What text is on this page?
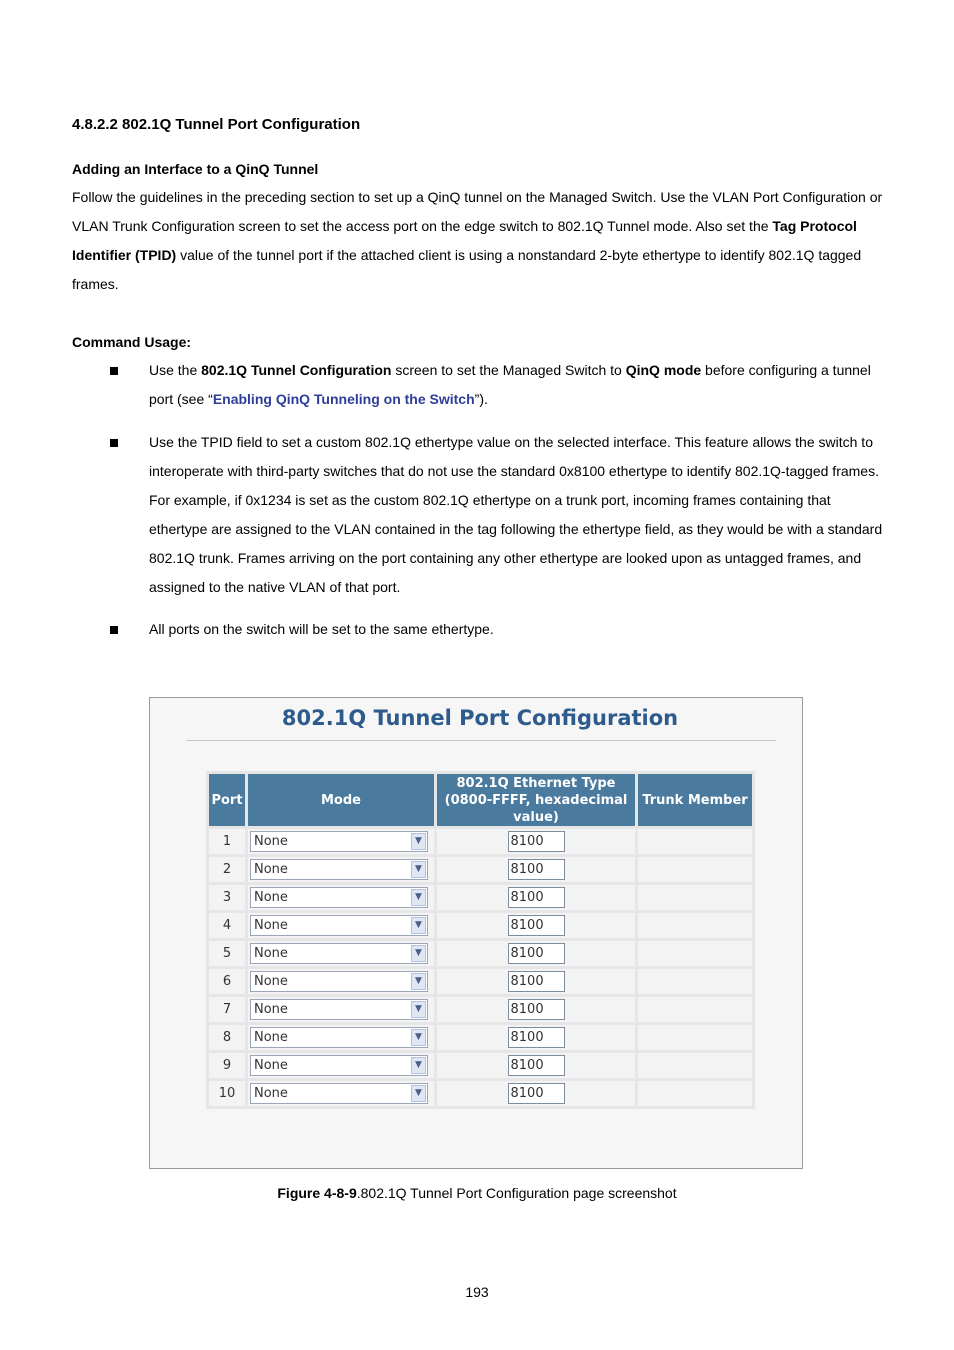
4.8.2.2 802.1Q Tunnel Port Configuration
Adding an Interface to a QinQ Tunnel
Follow the guidelines in the preceding section to set up a QinQ tunnel on the Managed Switch. Use the VLAN Port Configuration or VLAN Trunk Configuration screen to set the access port on the edge switch to 802.1Q Tunnel mode. Also set the Tag Protocol Identifier (TPID) value of the tunnel port if the attached client is using a nonstandard 2-byte ethertype to identify 802.1Q tagged frames.
Command Usage:
Use the 802.1Q Tunnel Configuration screen to set the Managed Switch to QinQ mode before configuring a tunnel port (see “Enabling QinQ Tunneling on the Switch”).
Use the TPID field to set a custom 802.1Q ethertype value on the selected interface. This feature allows the switch to interoperate with third-party switches that do not use the standard 0x8100 ethertype to identify 802.1Q-tagged frames. For example, if 0x1234 is set as the custom 802.1Q ethertype on a trunk port, incoming frames containing that ethertype are assigned to the VLAN contained in the tag following the ethertype field, as they would be with a standard 802.1Q trunk. Frames arriving on the port containing any other ethertype are looked upon as untagged frames, and assigned to the native VLAN of that port.
All ports on the switch will be set to the same ethertype.
802.1Q Tunnel Port Configuration
Port	Mode	802.1Q Ethernet Type (0800-FFFF, hexadecimal value)	Trunk Member
1	None ▼	8100	

2	None ▼	8100	

3	None ▼	8100	

4	None ▼	8100	

5	None ▼	8100	

6	None ▼	8100	

7	None ▼	8100	

8	None ▼	8100	

9	None ▼	8100	

10	None ▼	8100	

Figure 4-8-9.802.1Q Tunnel Port Configuration page screenshot
193
